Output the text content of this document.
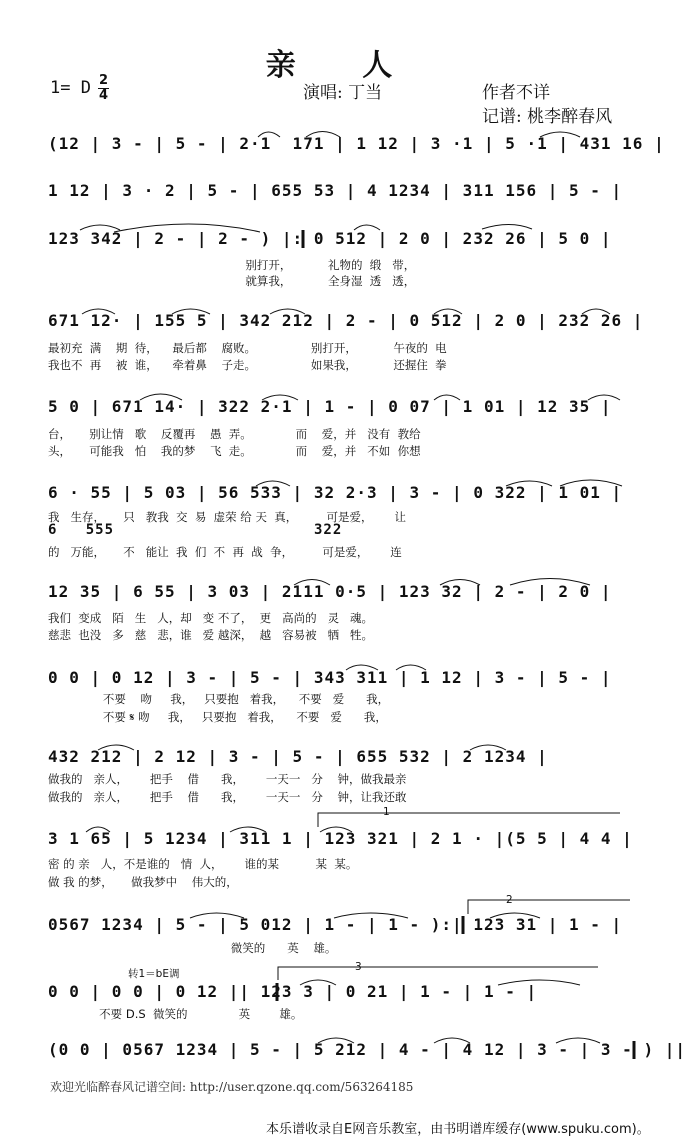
亲 人
1= D 2
4	演唱: 丁当	作者不详
记谱: 桃李醉春风
(12 | 3 - | 5 - | 2·1  171 | 1 12 | 3 ·1 | 5 ·1 | 431 16 |
1 12 | 3 · 2 | 5 - | 655 53 | 4 1234 | 311 156 | 5 - |
123 342 | 2 - | 2 - ) |: 0 512 | 2 0 | 232 26 | 5 0 |
别打开，          礼物的  缎   带，
就算我，          全身湿  透   透，
671 12· | 155 5 | 342 212 | 2 - | 0 512 | 2 0 | 232 26 |
最初充  满    期  待，    最后都    腐败。               别打开，          午夜的  电
我也不  再    被  谁，    牵着鼻    子走。               如果我，          还握住  拳
5 0 | 671 14· | 322 2·1 | 1 - | 0 07 | 1 01 | 12 35 |
台，     别让情   歌    反覆再    愚  弄。            而    爱，并   没有  教给
头，     可能我   怕    我的梦    飞  走。            而    爱，并   不如  你想
6 · 55 | 5 03 | 56 533 | 32 2·3 | 3 - | 0 322 | 1 01 |
我   生存，     只   教我  交  易  虚荣 给 天  真，        可是爱，      让
6   555	322
的   万能，     不   能让  我  们  不  再  战  争，        可是爱，      连
12 35 | 6 55 | 3 03 | 2111 0·5 | 123 32 | 2 - | 2 0 |
我们  变成   陌   生   人，却   变 不了，  更   高尚的   灵   魂。
慈悲  也没   多   慈   悲，谁   爱 越深，  越   容易被   牺   牲。
0 0 | 0 12 | 3 - | 5 - | 343 311 | 1 12 | 3 - | 5 - |
不要    吻     我，   只要抱   着我，    不要   爱      我，
不要 𝄋 吻     我，   只要抱   着我，    不要   爱      我，
432 212 | 2 12 | 3 - | 5 - | 655 532 | 2 1234 |
做我的   亲人，      把手    借      我，      一天一   分    钟，做我最亲
做我的   亲人，      把手    借      我，      一天一   分    钟，让我还敢
3 1 65 | 5 1234 | 311 1 | 123 321 | 2 1 · |(5 5 | 4 4 |
密 的 亲   人，不是谁的   情  人，      谁的某          某  某。
做 我 的梦，     做我梦中    伟大的，
0567 1234 | 5 - | 5 012 | 1 - | 1 - ):| 123 31 | 1 - |
微笑的      英    雄。
转1＝bE调
0 0 | 0 0 | 0 12 || 123 3 | 0 21 | 1 - | 1 - |
不要 D.S  微笑的              英        雄。
(0 0 | 0567 1234 | 5 - | 5 212 | 4 - | 4 12 | 3 - | 3 - ) ||
1
2
3
欢迎光临醉春风记谱空间: http://user.qzone.qq.com/563264185
本乐谱收录自E网音乐教室，由书明谱库缓存(www.spuku.com)。
